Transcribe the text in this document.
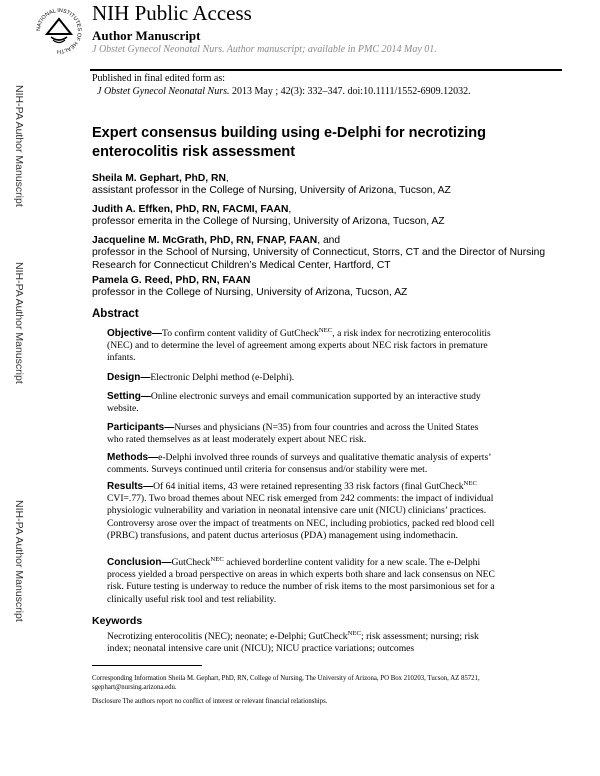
NATIONAL INSTITUTES OF HEALTH
NIH Public Access
Author Manuscript
J Obstet Gynecol Neonatal Nurs. Author manuscript; available in PMC 2014 May 01.
Published in final edited form as:
J Obstet Gynecol Neonatal Nurs. 2013 May ; 42(3): 332–347. doi:10.1111/1552-6909.12032.
NIH-PA Author Manuscript
NIH-PA Author Manuscript
NIH-PA Author Manuscript
Expert consensus building using e-Delphi for necrotizing enterocolitis risk assessment
Sheila M. Gephart, PhD, RN,
assistant professor in the College of Nursing, University of Arizona, Tucson, AZ
Judith A. Effken, PhD, RN, FACMI, FAAN,
professor emerita in the College of Nursing, University of Arizona, Tucson, AZ
Jacqueline M. McGrath, PhD, RN, FNAP, FAAN, and
professor in the School of Nursing, University of Connecticut, Storrs, CT and the Director of Nursing Research for Connecticut Children’s Medical Center, Hartford, CT
Pamela G. Reed, PhD, RN, FAAN
professor in the College of Nursing, University of Arizona, Tucson, AZ
Abstract
Objective—To confirm content validity of GutCheck$^{NEC}$, a risk index for necrotizing enterocolitis (NEC) and to determine the level of agreement among experts about NEC risk factors in premature infants.
Design—Electronic Delphi method (e-Delphi).
Setting—Online electronic surveys and email communication supported by an interactive study website.
Participants—Nurses and physicians (N=35) from four countries and across the United States who rated themselves as at least moderately expert about NEC risk.
Methods—e-Delphi involved three rounds of surveys and qualitative thematic analysis of experts’ comments. Surveys continued until criteria for consensus and/or stability were met.
Results—Of 64 initial items, 43 were retained representing 33 risk factors (final GutCheck$^{NEC}$ CVI=.77). Two broad themes about NEC risk emerged from 242 comments: the impact of individual physiologic vulnerability and variation in neonatal intensive care unit (NICU) clinicians’ practices. Controversy arose over the impact of treatments on NEC, including probiotics, packed red blood cell (PRBC) transfusions, and patent ductus arteriosus (PDA) management using indomethacin.
Conclusion—GutCheck$^{NEC}$ achieved borderline content validity for a new scale. The e-Delphi process yielded a broad perspective on areas in which experts both share and lack consensus on NEC risk. Future testing is underway to reduce the number of risk items to the most parsimonious set for a clinically useful risk tool and test reliability.
Keywords
Necrotizing enterocolitis (NEC); neonate; e-Delphi; GutCheck$^{NEC}$; risk assessment; nursing; risk index; neonatal intensive care unit (NICU); NICU practice variations; outcomes
Corresponding Information Sheila M. Gephart, PhD, RN, College of Nursing, The University of Arizona, PO Box 210203, Tucson, AZ 85721, sgephart@nursing.arizona.edu.
Disclosure The authors report no conflict of interest or relevant financial relationships.
